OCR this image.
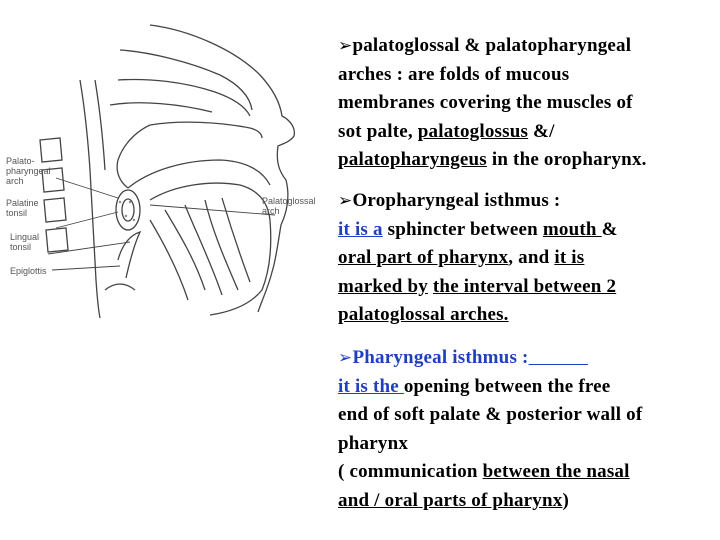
Palato-
pharyngeal
arch
Palatine
tonsil
Lingual
tonsil
Epiglottis
Palatoglossal
arch
➢palatoglossal & palatopharyngeal
arches : are folds of mucous
membranes covering the muscles of
sot palte, palatoglossus &/
palatopharyngeus in the oropharynx.
➢Oropharyngeal isthmus :
it is a sphincter between mouth &
oral part of pharynx, and it is
marked by the interval between 2
palatoglossal arches.
➢Pharyngeal isthmus :
it is the opening between the free
end of soft palate & posterior wall of
pharynx
( communication between the nasal
and / oral parts of pharynx)
